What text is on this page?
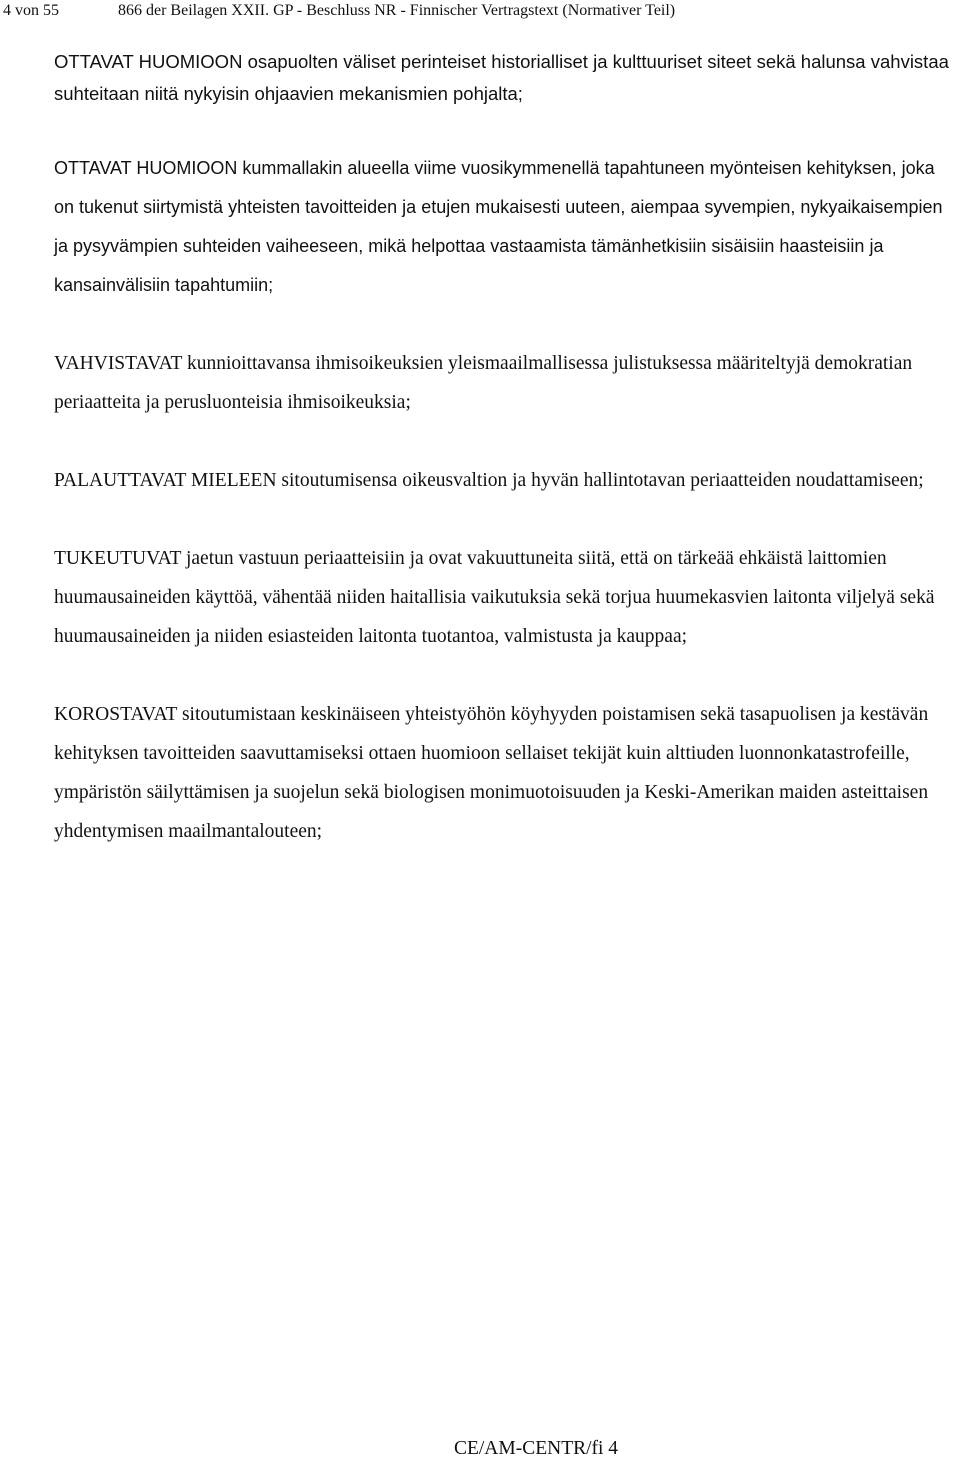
4 von 55	866 der Beilagen XXII. GP - Beschluss NR - Finnischer Vertragstext (Normativer Teil)

OTTAVAT HUOMIOON osapuolten väliset perinteiset historialliset ja kulttuuriset siteet sekä halunsa vahvistaa suhteitaan niitä nykyisin ohjaavien mekanismien pohjalta;

OTTAVAT HUOMIOON kummallakin alueella viime vuosikymmenellä tapahtuneen myönteisen kehityksen, joka on tukenut siirtymistä yhteisten tavoitteiden ja etujen mukaisesti uuteen, aiempaa syvempien, nykyaikaisempien ja pysyvämpien suhteiden vaiheeseen, mikä helpottaa vastaamista tämänhetkisiin sisäisiin haasteisiin ja kansainvälisiin tapahtumiin;

VAHVISTAVAT kunnioittavansa ihmisoikeuksien yleismaailmallisessa julistuksessa määriteltyjä demokratian periaatteita ja perusluonteisia ihmisoikeuksia;

PALAUTTAVAT MIELEEN sitoutumisensa oikeusvaltion ja hyvän hallintotavan periaatteiden noudattamiseen;

TUKEUTUVAT jaetun vastuun periaatteisiin ja ovat vakuuttuneita siitä, että on tärkeää ehkäistä laittomien huumausaineiden käyttöä, vähentää niiden haitallisia vaikutuksia sekä torjua huumekasvien laitonta viljelyä sekä huumausaineiden ja niiden esiasteiden laitonta tuotantoa, valmistusta ja kauppaa;

KOROSTAVAT sitoutumistaan keskinäiseen yhteistyöhön köyhyyden poistamisen sekä tasapuolisen ja kestävän kehityksen tavoitteiden saavuttamiseksi ottaen huomioon sellaiset tekijät kuin alttiuden luonnonkatastrofeille, ympäristön säilyttämisen ja suojelun sekä biologisen monimuotoisuuden ja Keski-Amerikan maiden asteittaisen yhdentymisen maailmantalouteen;

CE/AM-CENTR/fi 4
